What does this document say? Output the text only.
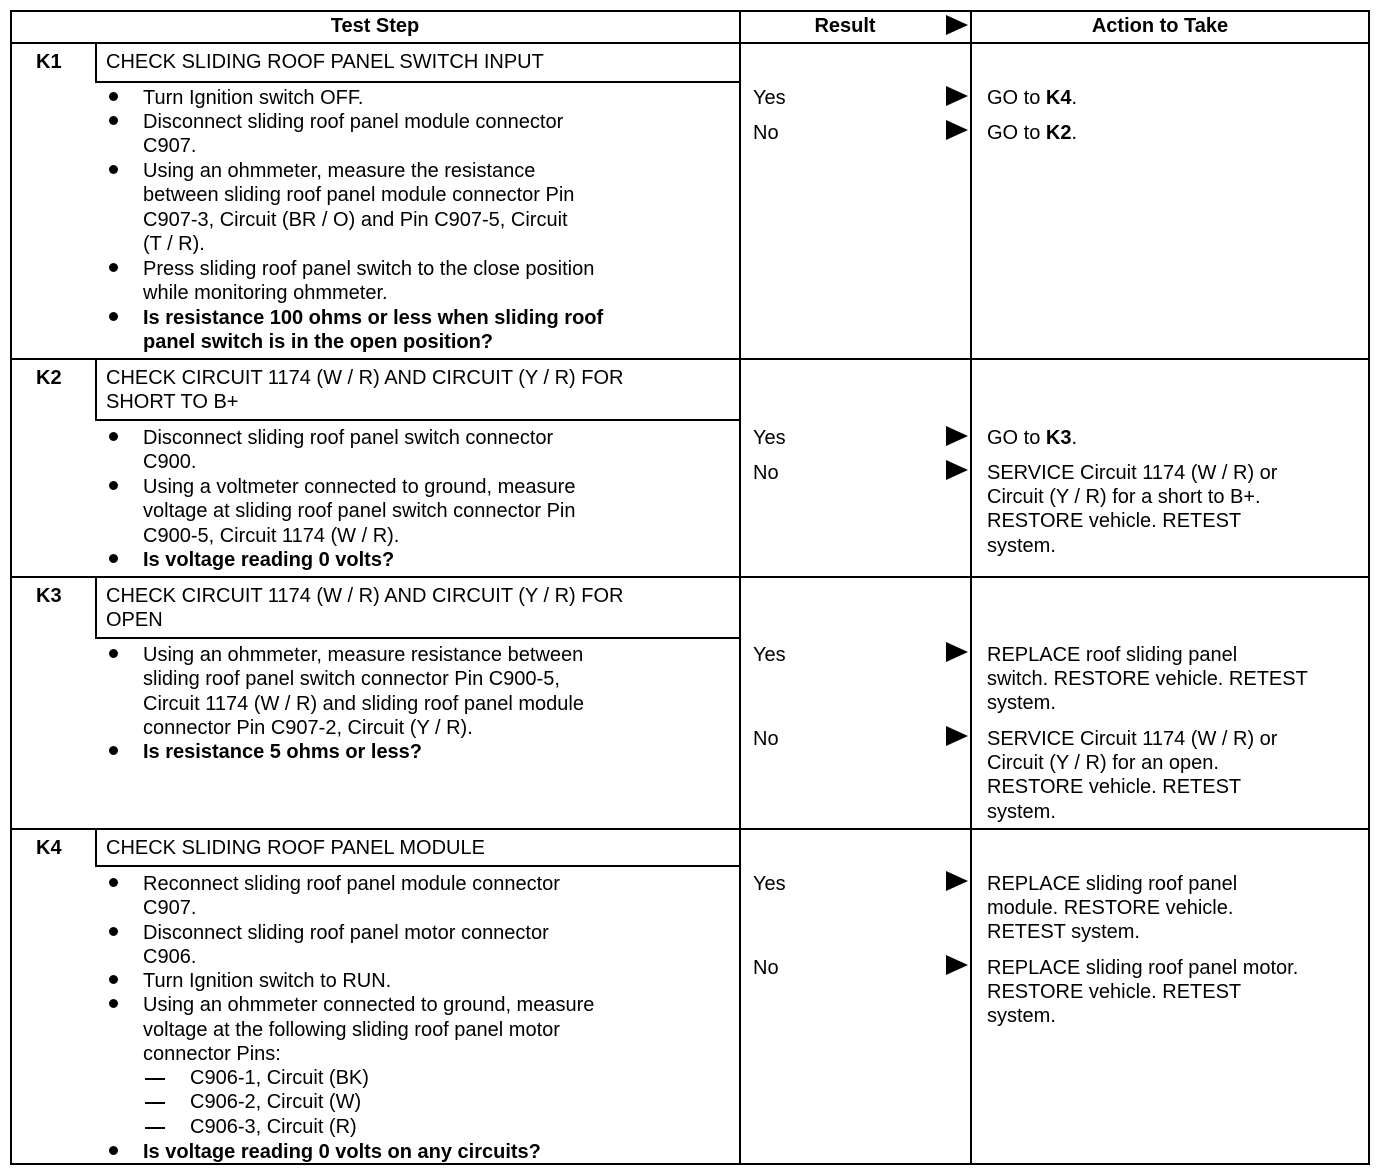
Test Step	Result	Action to Take
K1 CHECK SLIDING ROOF PANEL SWITCH INPUT
Turn Ignition switch OFF.
Disconnect sliding roof panel module connector
C907.
Using an ohmmeter, measure the resistance
between sliding roof panel module connector Pin
C907-3, Circuit (BR / O) and Pin C907-5, Circuit
(T / R).
Press sliding roof panel switch to the close position
while monitoring ohmmeter.
Is resistance 100 ohms or less when sliding roof
panel switch is in the open position?
Yes	GO to K4.
No	GO to K2.
K2 CHECK CIRCUIT 1174 (W / R) AND CIRCUIT (Y / R) FOR
SHORT TO B+
Disconnect sliding roof panel switch connector
C900.
Using a voltmeter connected to ground, measure
voltage at sliding roof panel switch connector Pin
C900-5, Circuit 1174 (W / R).
Is voltage reading 0 volts?
Yes	GO to K3.
No	SERVICE Circuit 1174 (W / R) or
Circuit (Y / R) for a short to B+.
RESTORE vehicle. RETEST
system.
K3 CHECK CIRCUIT 1174 (W / R) AND CIRCUIT (Y / R) FOR
OPEN
Using an ohmmeter, measure resistance between
sliding roof panel switch connector Pin C900-5,
Circuit 1174 (W / R) and sliding roof panel module
connector Pin C907-2, Circuit (Y / R).
Is resistance 5 ohms or less?
Yes	REPLACE roof sliding panel
switch. RESTORE vehicle. RETEST
system.
No	SERVICE Circuit 1174 (W / R) or
Circuit (Y / R) for an open.
RESTORE vehicle. RETEST
system.
K4 CHECK SLIDING ROOF PANEL MODULE
Reconnect sliding roof panel module connector
C907.
Disconnect sliding roof panel motor connector
C906.
Turn Ignition switch to RUN.
Using an ohmmeter connected to ground, measure
voltage at the following sliding roof panel motor
connector Pins:
C906-1, Circuit (BK)
C906-2, Circuit (W)
C906-3, Circuit (R)
Is voltage reading 0 volts on any circuits?
Yes	REPLACE sliding roof panel
module. RESTORE vehicle.
RETEST system.
No	REPLACE sliding roof panel motor.
RESTORE vehicle. RETEST
system.
